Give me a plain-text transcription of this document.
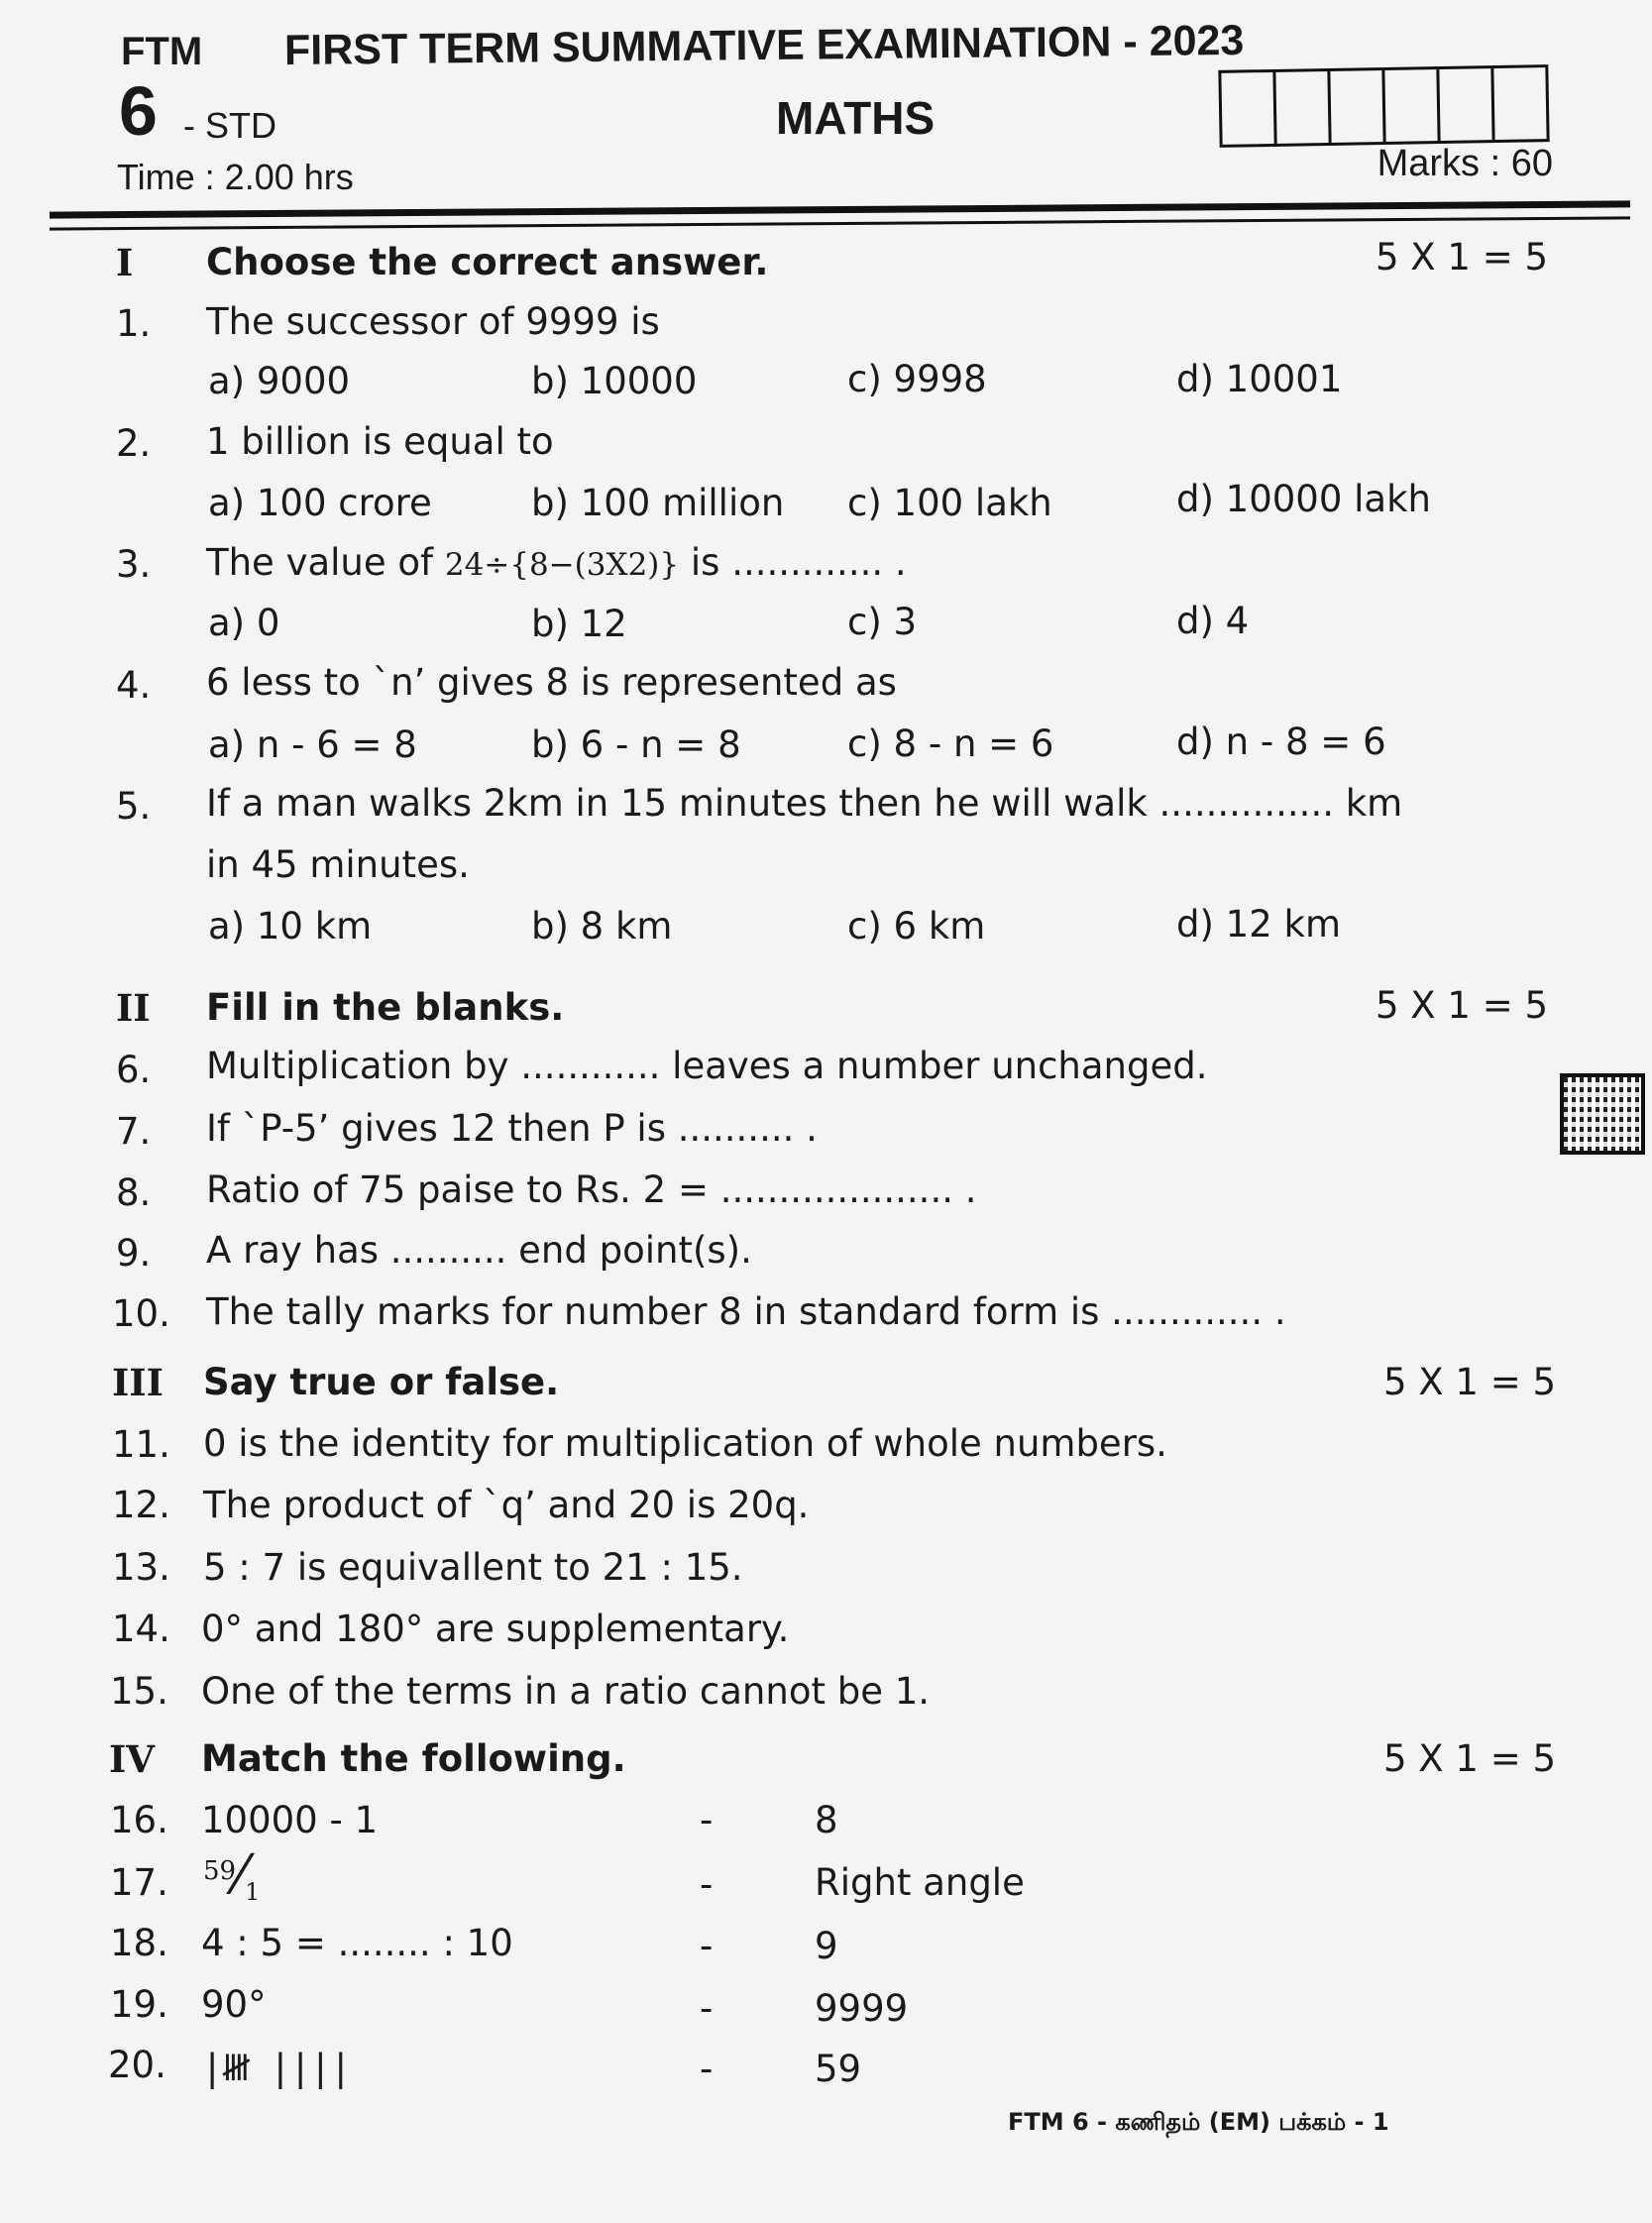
FTM FIRST TERM SUMMATIVE EXAMINATION - 2023
6 - STD	MATHS
Time : 2.00 hrs	Marks : 60
I Choose the correct answer.	5 X 1 = 5
1. The successor of 9999 is
a) 9000	b) 10000	c) 9998	d) 10001
2. 1 billion is equal to
a) 100 crore	b) 100 million c) 100 lakh	d) 10000 lakh
3. The value of 24÷{8−(3X2)} is ............. .
a) 0	b) 12	c) 3	d) 4
4. 6 less to `n’ gives 8 is represented as
a) n - 6 = 8	b) 6 - n = 8	c) 8 - n = 6	d) n - 8 = 6
5. If a man walks 2km in 15 minutes then he will walk ............... km
in 45 minutes.
a) 10 km	b) 8 km	c) 6 km	d) 12 km
II Fill in the blanks.	5 X 1 = 5
6. Multiplication by ............ leaves a number unchanged.
7. If `P-5’ gives 12 then P is .......... .
8. Ratio of 75 paise to Rs. 2 = .................... .
9. A ray has .......... end point(s).
10. The tally marks for number 8 in standard form is ............. .
III Say true or false.	5 X 1 = 5
11. 0 is the identity for multiplication of whole numbers.
12. The product of `q’ and 20 is 20q.
13. 5 : 7 is equivallent to 21 : 15.
14. 0° and 180° are supplementary.
15. One of the terms in a ratio cannot be 1.
IV Match the following.	5 X 1 = 5
16. 10000 - 1	-	8
17. $^{59}⁄_1$	-	Right angle
18. 4 : 5 = ........ : 10	-	9
19. 90°	-	9999
20. |𝍸 ||||	-	59
FTM 6 - கணிதம் (EM) பக்கம் - 1
